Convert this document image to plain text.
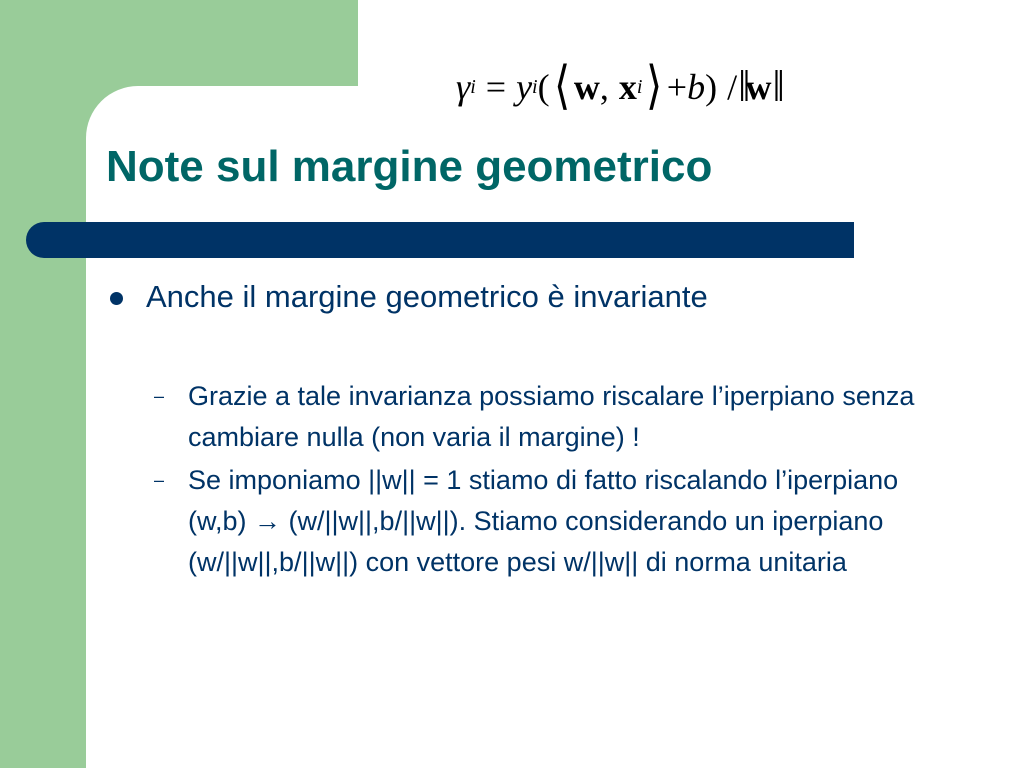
γ i = y i ( ⟨ w , x i ⟩ + b ) / ‖ w ‖
Note sul margine geometrico
Anche il margine geometrico è invariante
– Grazie a tale invarianza possiamo riscalare l’iperpiano senza cambiare nulla (non varia il margine) !
– Se imponiamo ||w|| = 1 stiamo di fatto riscalando l’iperpiano (w,b) → (w/||w||,b/||w||). Stiamo considerando un iperpiano (w/||w||,b/||w||) con vettore pesi w/||w|| di norma unitaria
